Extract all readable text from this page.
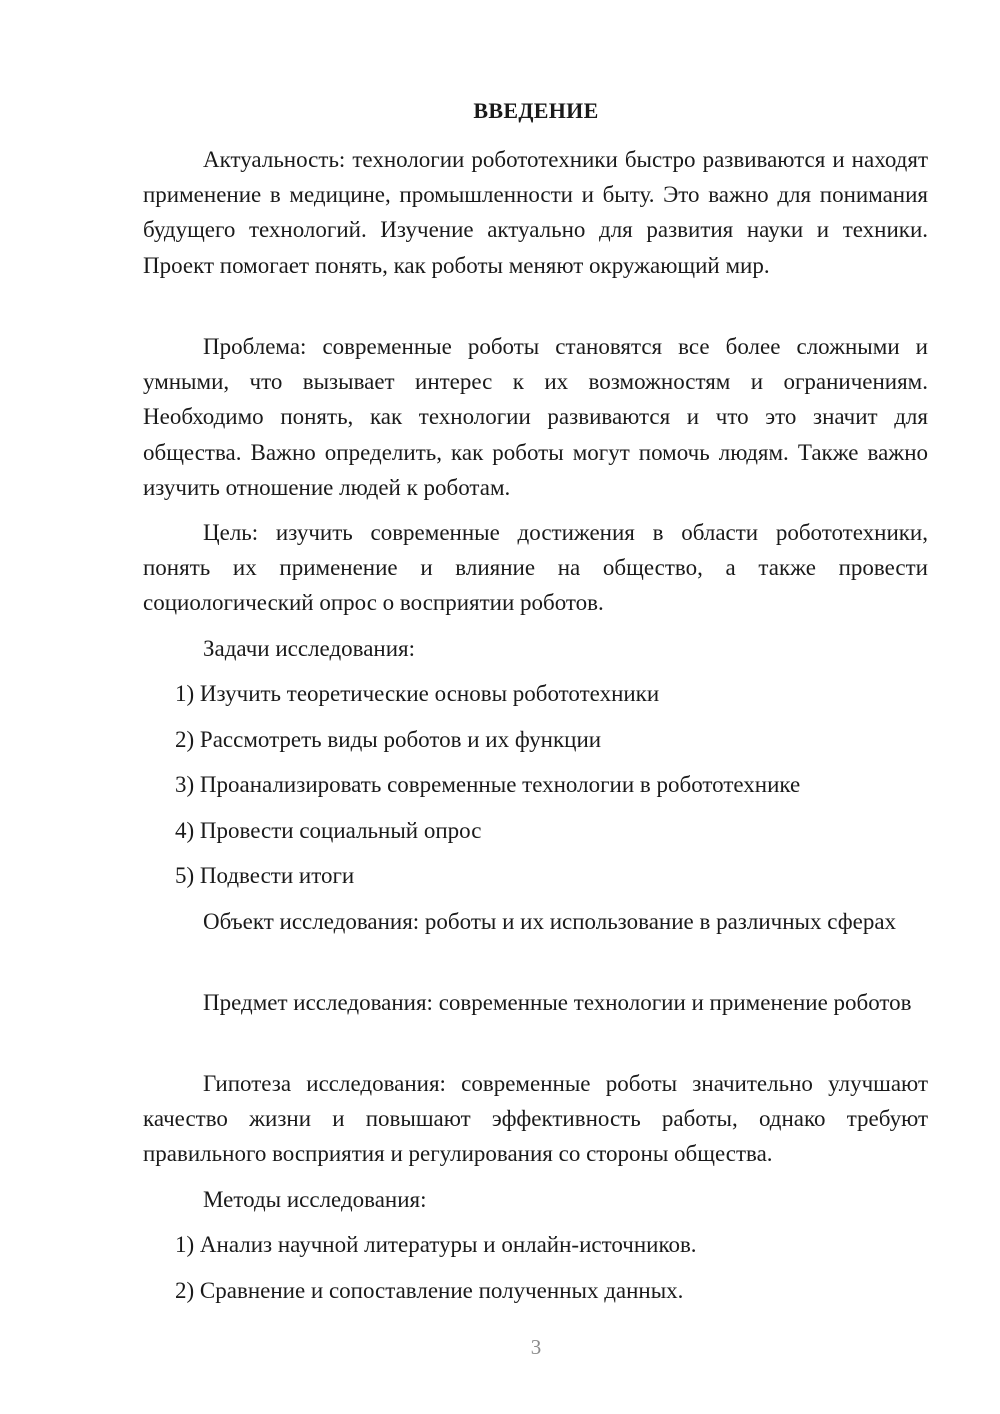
ВВЕДЕНИЕ

Актуальность: технологии робототехники быстро развиваются и находят применение в медицине, промышленности и быту. Это важно для понимания будущего технологий. Изучение актуально для развития науки и техники. Проект помогает понять, как роботы меняют окружающий мир.

Проблема: современные роботы становятся все более сложными и умными, что вызывает интерес к их возможностям и ограничениям. Необходимо понять, как технологии развиваются и что это значит для общества. Важно определить, как роботы могут помочь людям. Также важно изучить отношение людей к роботам.

Цель: изучить современные достижения в области робототехники, понять их применение и влияние на общество, а также провести социологический опрос о восприятии роботов.

Задачи исследования:

1) Изучить теоретические основы робототехники

2) Рассмотреть виды роботов и их функции

3) Проанализировать современные технологии в робототехнике

4) Провести социальный опрос

5) Подвести итоги

Объект исследования: роботы и их использование в различных сферах

Предмет исследования: современные технологии и применение роботов

Гипотеза исследования: современные роботы значительно улучшают качество жизни и повышают эффективность работы, однако требуют правильного восприятия и регулирования со стороны общества.

Методы исследования:

1) Анализ научной литературы и онлайн-источников.

2) Сравнение и сопоставление полученных данных.

3
